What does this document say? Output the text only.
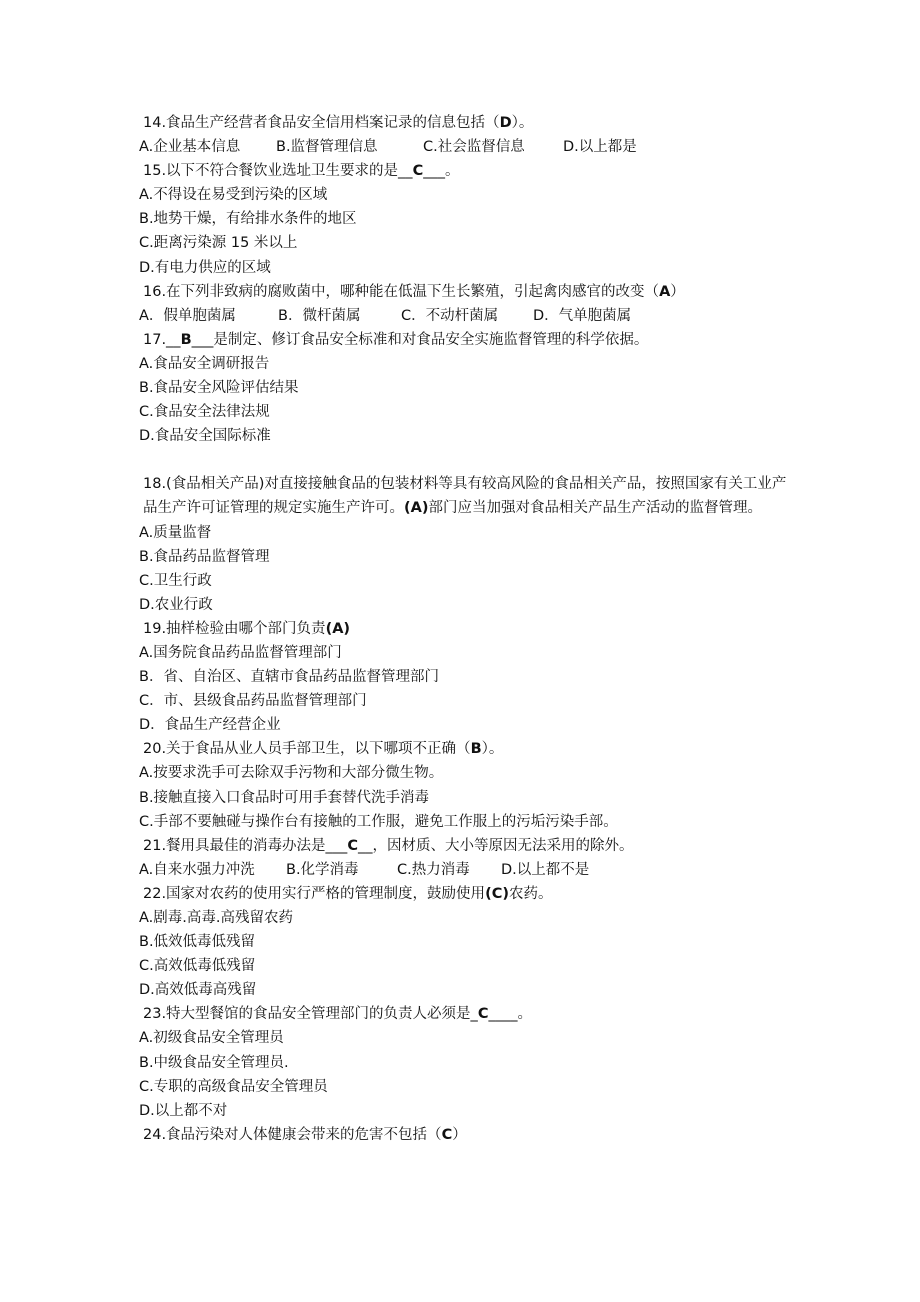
14.食品生产经营者食品安全信用档案记录的信息包括（D）。
A.企业基本信息 B.监督管理信息	C.社会监督信息	D.以上都是
15.以下不符合餐饮业选址卫生要求的是__C___。
A.不得设在易受到污染的区域
B.地势干燥，有给排水条件的地区
C.距离污染源 15 米以上
D.有电力供应的区域
16.在下列非致病的腐败菌中，哪种能在低温下生长繁殖，引起禽肉感官的改变（A）
A．假单胞菌属	B．微杆菌属	C．不动杆菌属 D．气单胞菌属
17.__B___是制定、修订食品安全标准和对食品安全实施监督管理的科学依据。
A.食品安全调研报告
B.食品安全风险评估结果
C.食品安全法律法规
D.食品安全国际标准
18.(食品相关产品)对直接接触食品的包装材料等具有较高风险的食品相关产品，按照国家有关工业产品生产许可证管理的规定实施生产许可。(A)部门应当加强对食品相关产品生产活动的监督管理。
A.质量监督
B.食品药品监督管理
C.卫生行政
D.农业行政
19.抽样检验由哪个部门负责(A)
A.国务院食品药品监督管理部门
B．省、自治区、直辖市食品药品监督管理部门
C．市、县级食品药品监督管理部门
D．食品生产经营企业
20.关于食品从业人员手部卫生，以下哪项不正确（B）。
A.按要求洗手可去除双手污物和大部分微生物。
B.接触直接入口食品时可用手套替代洗手消毒
C.手部不要触碰与操作台有接触的工作服，避免工作服上的污垢污染手部。
21.餐用具最佳的消毒办法是___C__，因材质、大小等原因无法采用的除外。
A.自来水强力冲洗 B.化学消毒	C.热力消毒 D.以上都不是
22.国家对农药的使用实行严格的管理制度，鼓励使用(C)农药。
A.剧毒.高毒.高残留农药
B.低效低毒低残留
C.高效低毒低残留
D.高效低毒高残留
23.特大型餐馆的食品安全管理部门的负责人必须是_C____。
A.初级食品安全管理员
B.中级食品安全管理员.
C.专职的高级食品安全管理员
D.以上都不对
24.食品污染对人体健康会带来的危害不包括（C）
